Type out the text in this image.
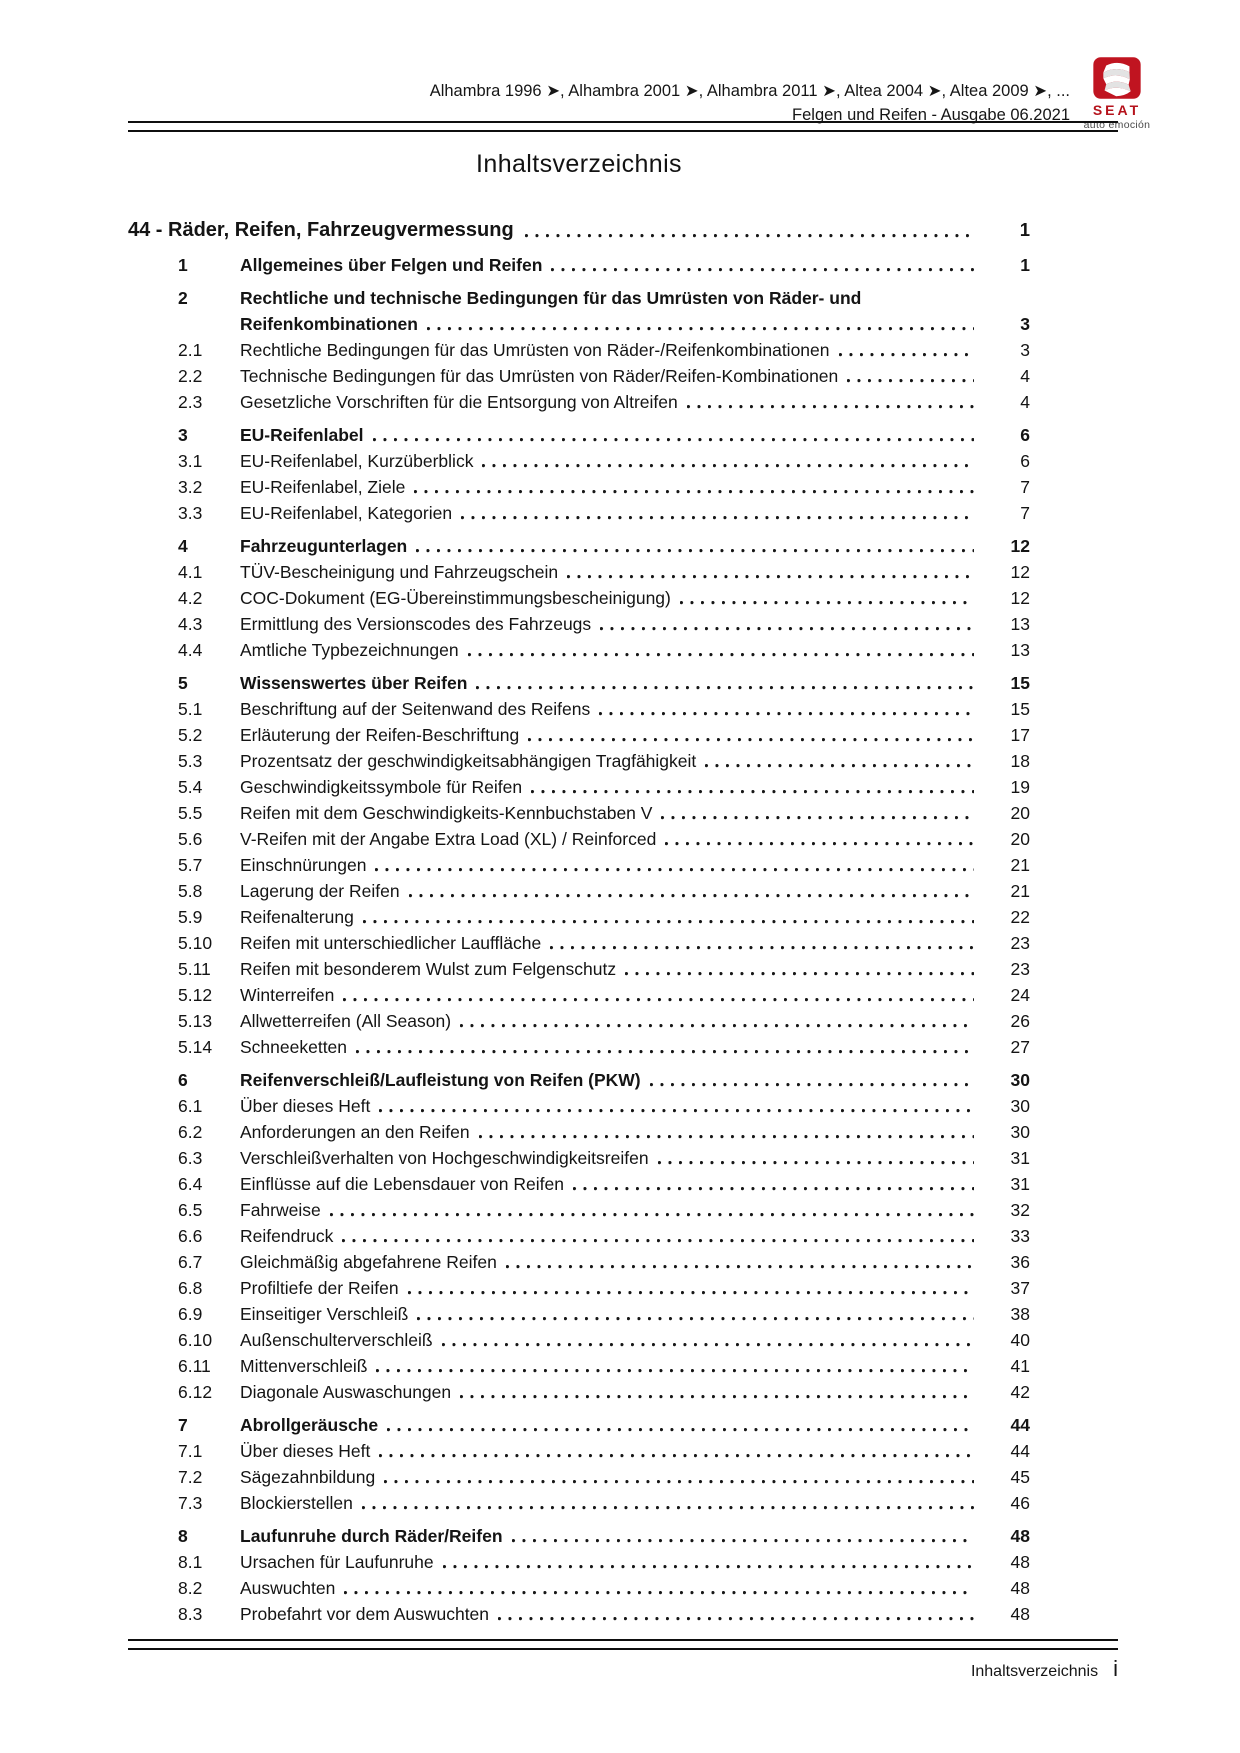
Alhambra 1996 ➤, Alhambra 2001 ➤, Alhambra 2011 ➤, Altea 2004 ➤, Altea 2009 ➤, ...
Felgen und Reifen - Ausgabe 06.2021	SEAT
auto emoción
Inhaltsverzeichnis
44 - Räder, Reifen, Fahrzeugvermessung	1
1	Allgemeines über Felgen und Reifen	1
2	Rechtliche und technische Bedingungen für das Umrüsten von Räder- und
Reifenkombinationen	3
2.1	Rechtliche Bedingungen für das Umrüsten von Räder-/Reifenkombinationen	3
2.2	Technische Bedingungen für das Umrüsten von Räder/Reifen-Kombinationen	4
2.3	Gesetzliche Vorschriften für die Entsorgung von Altreifen	4
3	EU-Reifenlabel	6
3.1	EU-Reifenlabel, Kurzüberblick	6
3.2	EU-Reifenlabel, Ziele	7
3.3	EU-Reifenlabel, Kategorien	7
4	Fahrzeugunterlagen	12
4.1	TÜV-Bescheinigung und Fahrzeugschein	12
4.2	COC-Dokument (EG-Übereinstimmungsbescheinigung)	12
4.3	Ermittlung des Versionscodes des Fahrzeugs	13
4.4	Amtliche Typbezeichnungen	13
5	Wissenswertes über Reifen	15
5.1	Beschriftung auf der Seitenwand des Reifens	15
5.2	Erläuterung der Reifen-Beschriftung	17
5.3	Prozentsatz der geschwindigkeitsabhängigen Tragfähigkeit	18
5.4	Geschwindigkeitssymbole für Reifen	19
5.5	Reifen mit dem Geschwindigkeits-Kennbuchstaben V	20
5.6	V-Reifen mit der Angabe Extra Load (XL) / Reinforced	20
5.7	Einschnürungen	21
5.8	Lagerung der Reifen	21
5.9	Reifenalterung	22
5.10	Reifen mit unterschiedlicher Lauffläche	23
5.11	Reifen mit besonderem Wulst zum Felgenschutz	23
5.12	Winterreifen	24
5.13	Allwetterreifen (All Season)	26
5.14	Schneeketten	27
6	Reifenverschleiß/Laufleistung von Reifen (PKW)	30
6.1	Über dieses Heft	30
6.2	Anforderungen an den Reifen	30
6.3	Verschleißverhalten von Hochgeschwindigkeitsreifen	31
6.4	Einflüsse auf die Lebensdauer von Reifen	31
6.5	Fahrweise	32
6.6	Reifendruck	33
6.7	Gleichmäßig abgefahrene Reifen	36
6.8	Profiltiefe der Reifen	37
6.9	Einseitiger Verschleiß	38
6.10	Außenschulterverschleiß	40
6.11	Mittenverschleiß	41
6.12	Diagonale Auswaschungen	42
7	Abrollgeräusche	44
7.1	Über dieses Heft	44
7.2	Sägezahnbildung	45
7.3	Blockierstellen	46
8	Laufunruhe durch Räder/Reifen	48
8.1	Ursachen für Laufunruhe	48
8.2	Auswuchten	48
8.3	Probefahrt vor dem Auswuchten	48
Inhaltsverzeichnis i
